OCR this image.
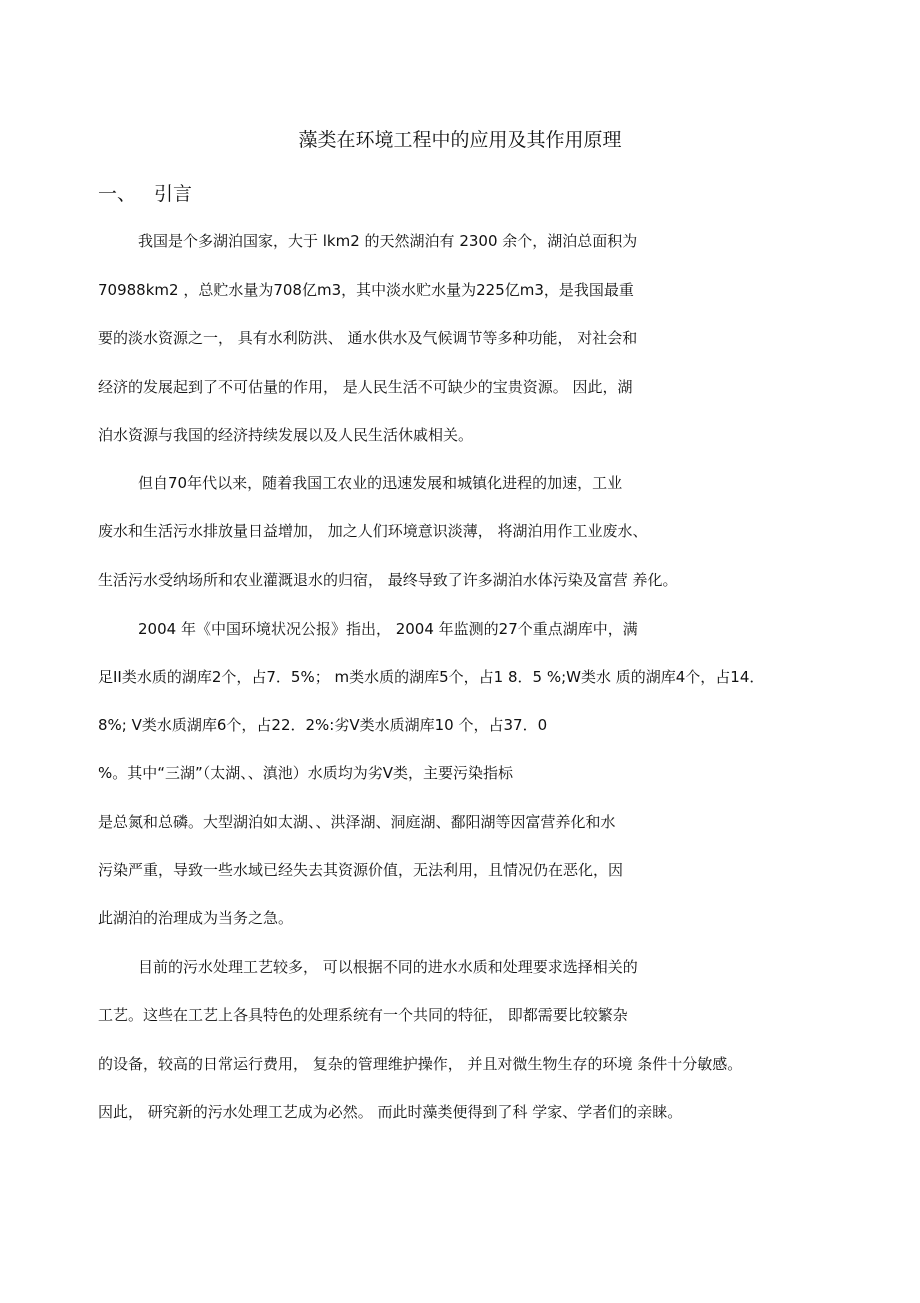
藻类在环境工程中的应用及其作用原理
一、 引言

我国是个多湖泊国家，大于 lkm2 的天然湖泊有 2300 余个，湖泊总面积为

70988km2 ，总贮水量为708亿m3，其中淡水贮水量为225亿m3，是我国最重

要的淡水资源之一， 具有水利防洪、 通水供水及气候调节等多种功能， 对社会和

经济的发展起到了不可估量的作用， 是人民生活不可缺少的宝贵资源。 因此，湖

泊水资源与我国的经济持续发展以及人民生活休戚相关。

但自70年代以来，随着我国工农业的迅速发展和城镇化进程的加速，工业

废水和生活污水排放量日益增加， 加之人们环境意识淡薄， 将湖泊用作工业废水、

生活污水受纳场所和农业灌溉退水的归宿， 最终导致了许多湖泊水体污染及富营 养化。

2004 年《中国环境状况公报》指出， 2004 年监测的27个重点湖库中，满

足II类水质的湖库2个，占7．5%； m类水质的湖库5个，占1 8．5 %;W类水 质的湖库4个，占14．

8%; V类水质湖库6个，占22．2%:劣V类水质湖库10 个，占37．0

%。其中“三湖”（太湖、、滇池）水质均为劣V类，主要污染指标

是总氮和总磷。大型湖泊如太湖、、洪泽湖、洞庭湖、鄱阳湖等因富营养化和水

污染严重，导致一些水域已经失去其资源价值，无法利用，且情况仍在恶化，因

此湖泊的治理成为当务之急。

目前的污水处理工艺较多， 可以根据不同的进水水质和处理要求选择相关的

工艺。这些在工艺上各具特色的处理系统有一个共同的特征， 即都需要比较繁杂

的设备，较高的日常运行费用， 复杂的管理维护操作， 并且对微生物生存的环境 条件十分敏感。

因此， 研究新的污水处理工艺成为必然。 而此时藻类便得到了科 学家、学者们的亲睐。
